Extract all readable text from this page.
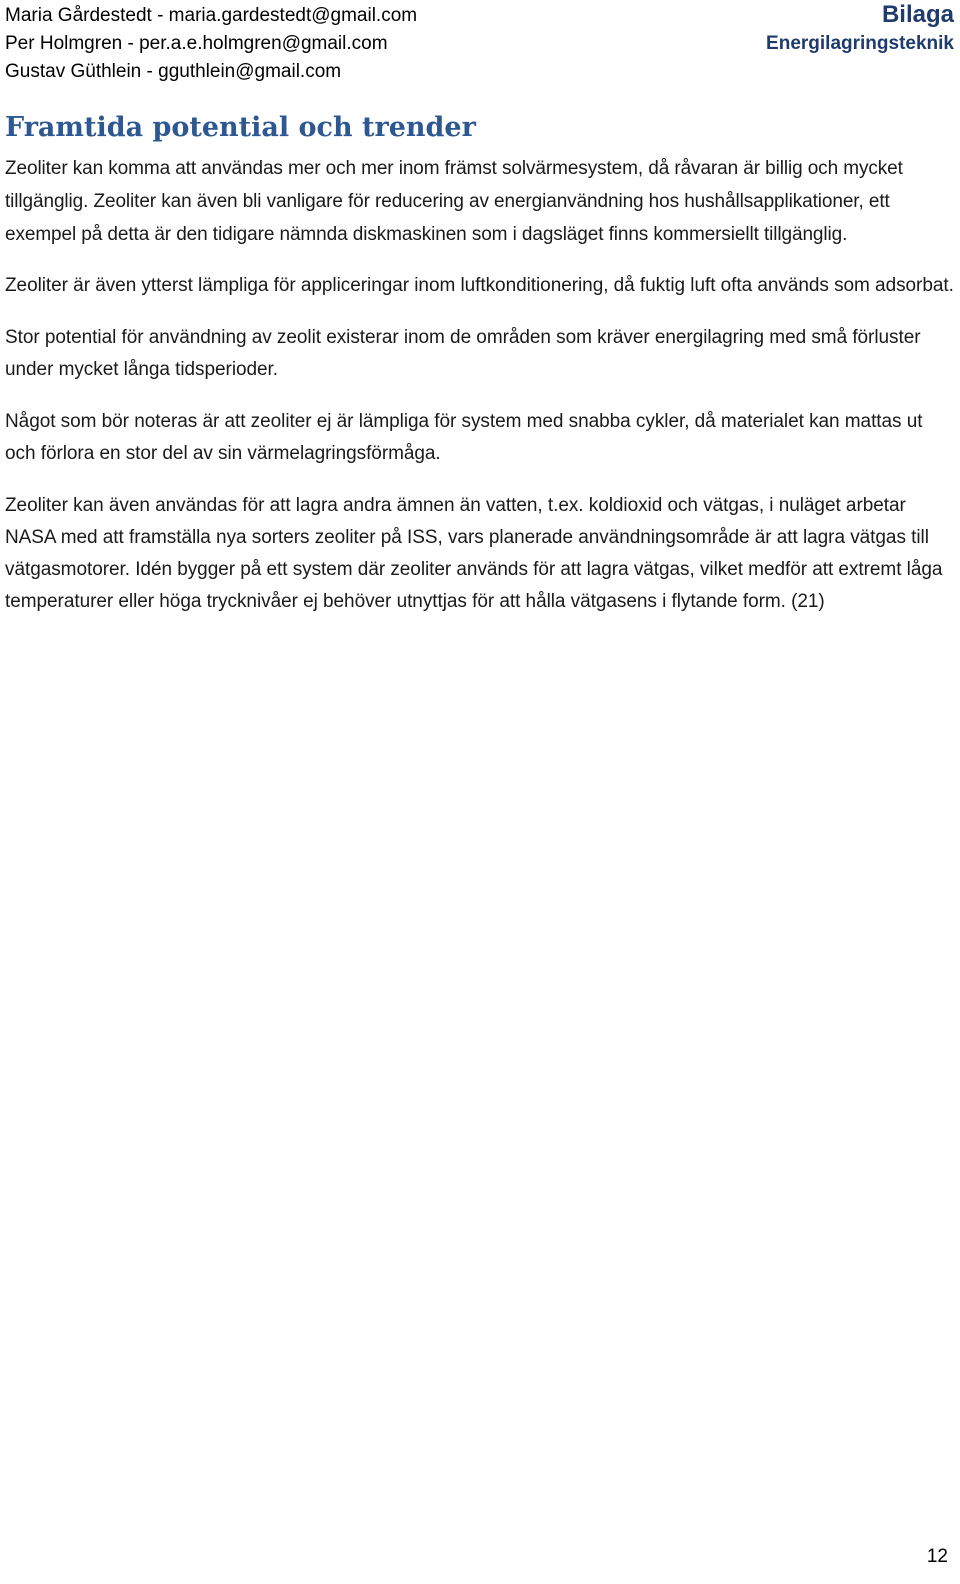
Maria Gårdestedt - maria.gardestedt@gmail.com
Per Holmgren - per.a.e.holmgren@gmail.com
Gustav Güthlein - gguthlein@gmail.com
Bilaga
Energilagringsteknik
Framtida potential och trender

Zeoliter kan komma att användas mer och mer inom främst solvärmesystem, då råvaran är billig och mycket tillgänglig. Zeoliter kan även bli vanligare för reducering av energianvändning hos hushållsapplikationer, ett exempel på detta är den tidigare nämnda diskmaskinen som i dagsläget finns kommersiellt tillgänglig.

Zeoliter är även ytterst lämpliga för appliceringar inom luftkonditionering, då fuktig luft ofta används som adsorbat.

Stor potential för användning av zeolit existerar inom de områden som kräver energilagring med små förluster under mycket långa tidsperioder.

Något som bör noteras är att zeoliter ej är lämpliga för system med snabba cykler, då materialet kan mattas ut och förlora en stor del av sin värmelagringsförmåga.

Zeoliter kan även användas för att lagra andra ämnen än vatten, t.ex. koldioxid och vätgas, i nuläget arbetar NASA med att framställa nya sorters zeoliter på ISS, vars planerade användningsområde är att lagra vätgas till vätgasmotorer. Idén bygger på ett system där zeoliter används för att lagra vätgas, vilket medför att extremt låga temperaturer eller höga trycknivåer ej behöver utnyttjas för att hålla vätgasens i flytande form. (21)

12
